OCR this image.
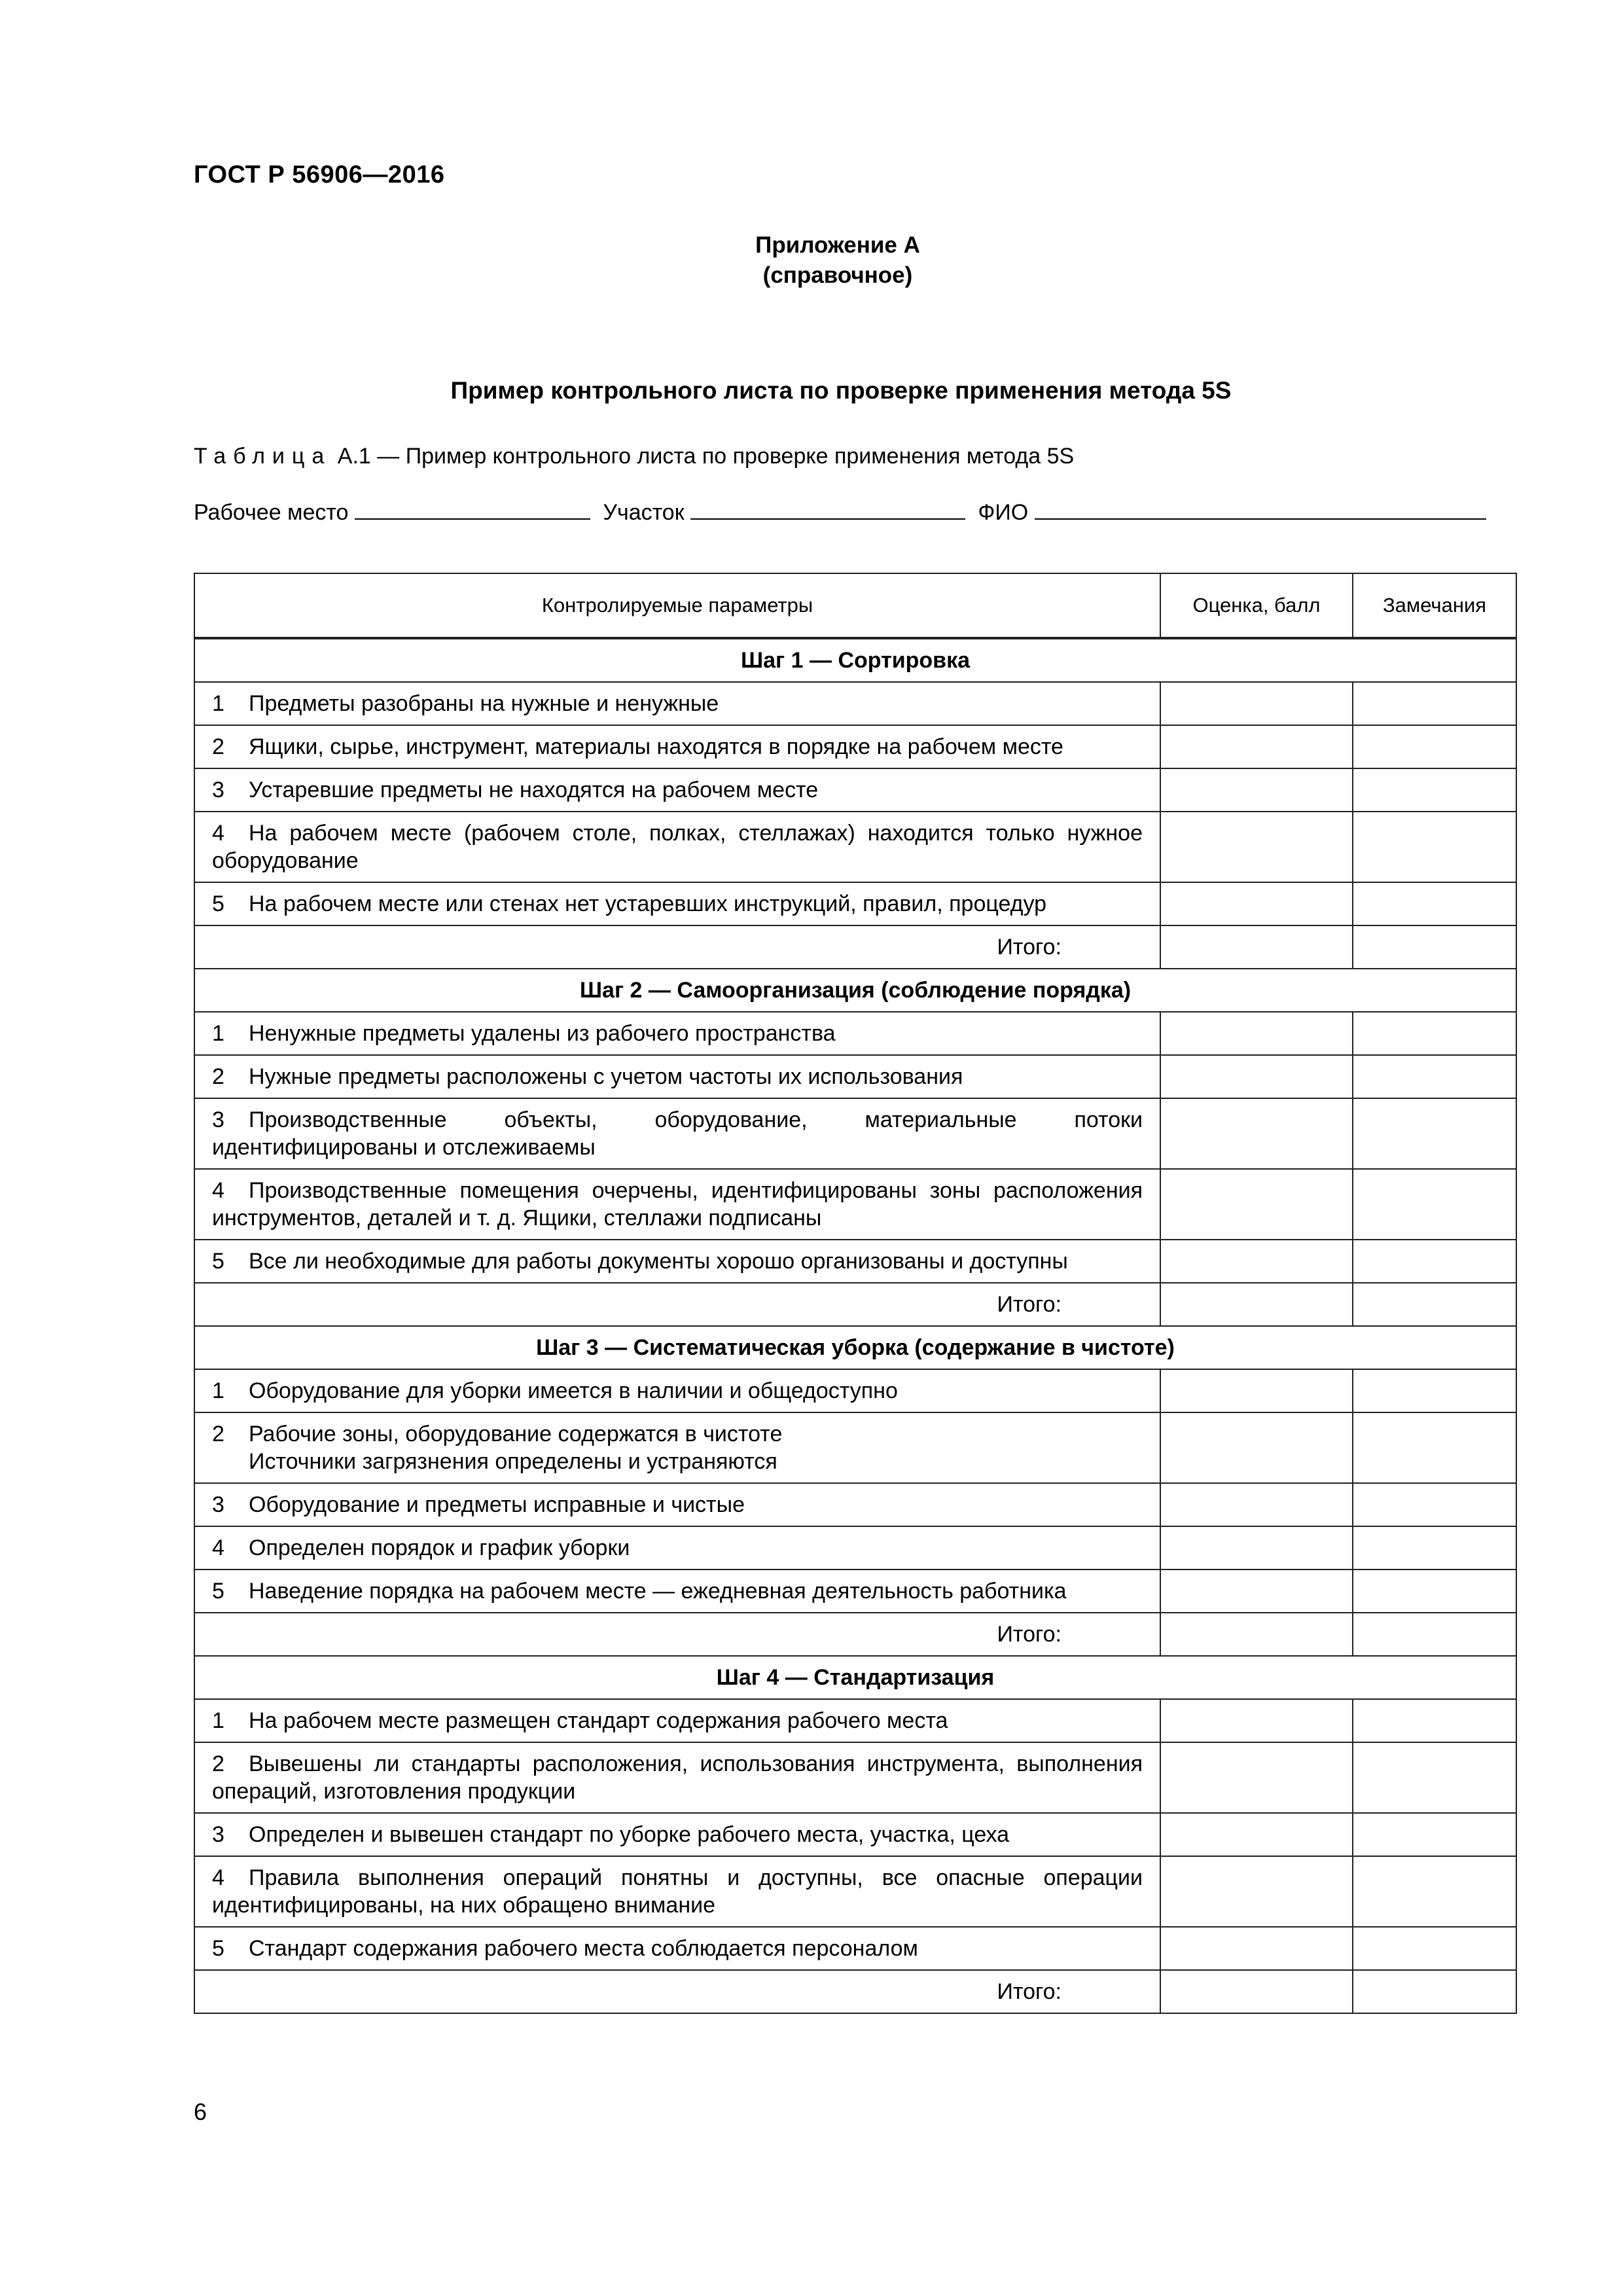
ГОСТ Р 56906—2016
Приложение А
(справочное)
Пример контрольного листа по проверке применения метода 5S
Таблица А.1 — Пример контрольного листа по проверке применения метода 5S
Рабочее место	Участок	ФИО
Контролируемые параметры	Оценка, балл	Замечания
Шаг 1 — Сортировка		
1 Предметы разобраны на нужные и ненужные		
2 Ящики, сырье, инструмент, материалы находятся в порядке на рабочем месте		
3 Устаревшие предметы не находятся на рабочем месте		
4 На рабочем месте (рабочем столе, полках, стеллажах) находится только нужное оборудование		
5 На рабочем месте или стенах нет устаревших инструкций, правил, процедур		
Итого:		
Шаг 2 — Самоорганизация (соблюдение порядка)		
1 Ненужные предметы удалены из рабочего пространства		
2 Нужные предметы расположены с учетом частоты их использования		
3 Производственные объекты, оборудование, материальные потоки идентифицированы и отслеживаемы		
4 Производственные помещения очерчены, идентифицированы зоны расположения инструментов, деталей и т. д. Ящики, стеллажи подписаны		
5 Все ли необходимые для работы документы хорошо организованы и доступны		
Итого:		
Шаг 3 — Систематическая уборка (содержание в чистоте)		
1 Оборудование для уборки имеется в наличии и общедоступно		

2 Рабочие зоны, оборудование содержатся в чистоте
Источники загрязнения определены и устраняются		

3 Оборудование и предметы исправные и чистые		
4 Определен порядок и график уборки		
5 Наведение порядка на рабочем месте — ежедневная деятельность работника		
Итого:		
Шаг 4 — Стандартизация		
1 На рабочем месте размещен стандарт содержания рабочего места		
2 Вывешены ли стандарты расположения, использования инструмента, выполнения операций, изготовления продукции		
3 Определен и вывешен стандарт по уборке рабочего места, участка, цеха		
4 Правила выполнения операций понятны и доступны, все опасные операции идентифицированы, на них обращено внимание		
5 Стандарт содержания рабочего места соблюдается персоналом		
Итого:		
6
